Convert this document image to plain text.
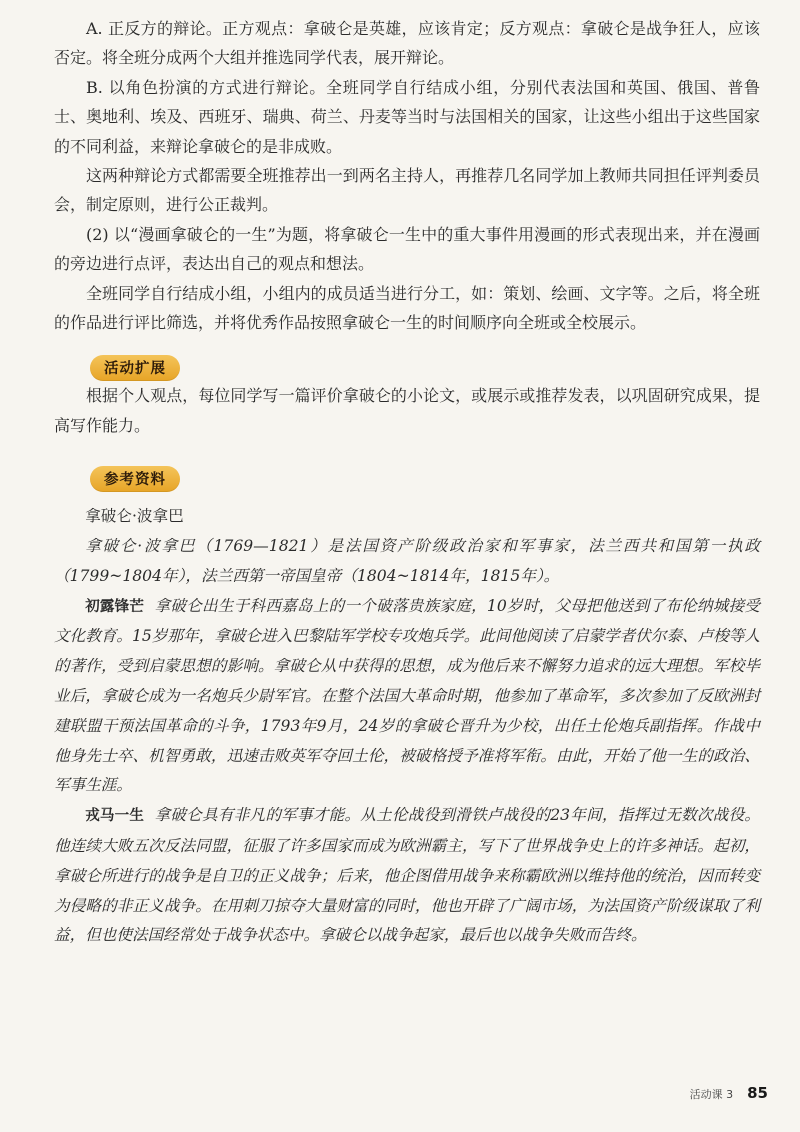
A. 正反方的辩论。正方观点：拿破仑是英雄，应该肯定；反方观点：拿破仑是战争狂人，应该否定。将全班分成两个大组并推选同学代表，展开辩论。

B. 以角色扮演的方式进行辩论。全班同学自行结成小组，分别代表法国和英国、俄国、普鲁士、奥地利、埃及、西班牙、瑞典、荷兰、丹麦等当时与法国相关的国家，让这些小组出于这些国家的不同利益，来辩论拿破仑的是非成败。

这两种辩论方式都需要全班推荐出一到两名主持人，再推荐几名同学加上教师共同担任评判委员会，制定原则，进行公正裁判。

(2) 以“漫画拿破仑的一生”为题，将拿破仑一生中的重大事件用漫画的形式表现出来，并在漫画的旁边进行点评，表达出自己的观点和想法。

全班同学自行结成小组，小组内的成员适当进行分工，如：策划、绘画、文字等。之后，将全班的作品进行评比筛选，并将优秀作品按照拿破仑一生的时间顺序向全班或全校展示。

活动扩展

根据个人观点，每位同学写一篇评价拿破仑的小论文，或展示或推荐发表，以巩固研究成果，提高写作能力。

参考资料

拿破仑·波拿巴

拿破仑·波拿巴（1769—1821）是法国资产阶级政治家和军事家，法兰西共和国第一执政（1799~1804年），法兰西第一帝国皇帝（1804~1814年，1815年）。

初露锋芒 拿破仑出生于科西嘉岛上的一个破落贵族家庭，10岁时，父母把他送到了布伦纳城接受文化教育。15岁那年，拿破仑进入巴黎陆军学校专攻炮兵学。此间他阅读了启蒙学者伏尔泰、卢梭等人的著作，受到启蒙思想的影响。拿破仑从中获得的思想，成为他后来不懈努力追求的远大理想。军校毕业后，拿破仑成为一名炮兵少尉军官。在整个法国大革命时期，他参加了革命军，多次参加了反欧洲封建联盟干预法国革命的斗争，1793年9月，24岁的拿破仑晋升为少校，出任土伦炮兵副指挥。作战中他身先士卒、机智勇敢，迅速击败英军夺回土伦，被破格授予准将军衔。由此，开始了他一生的政治、军事生涯。

戎马一生 拿破仑具有非凡的军事才能。从土伦战役到滑铁卢战役的23年间，指挥过无数次战役。他连续大败五次反法同盟，征服了许多国家而成为欧洲霸主，写下了世界战争史上的许多神话。起初，拿破仑所进行的战争是自卫的正义战争；后来，他企图借用战争来称霸欧洲以维持他的统治，因而转变为侵略的非正义战争。在用刺刀掠夺大量财富的同时，他也开辟了广阔市场，为法国资产阶级谋取了利益，但也使法国经常处于战争状态中。拿破仑以战争起家，最后也以战争失败而告终。

活动课 3 85
